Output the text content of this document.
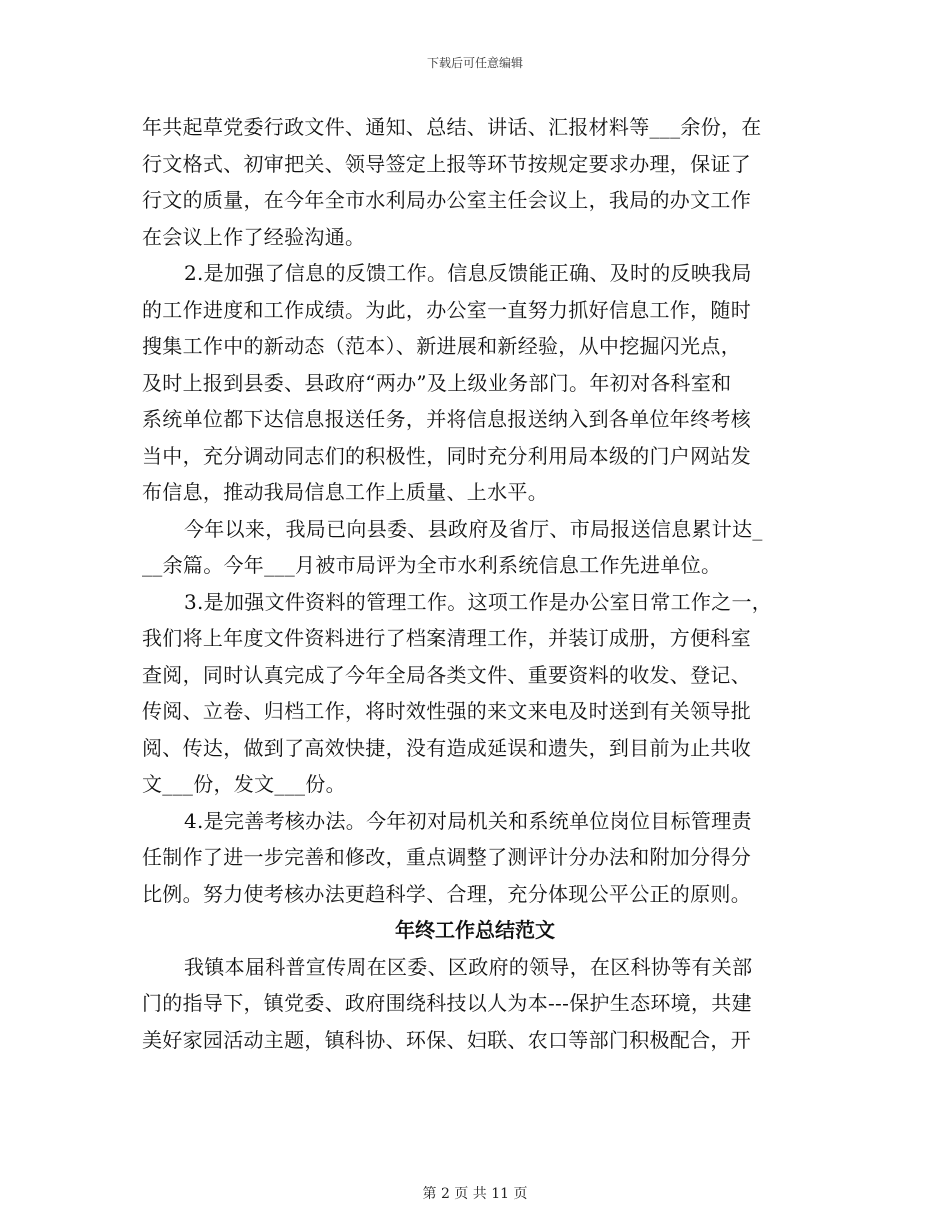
下载后可任意编辑
年共起草党委行政文件、通知、总结、讲话、汇报材料等___余份，在
行文格式、初审把关、领导签定上报等环节按规定要求办理，保证了
行文的质量，在今年全市水利局办公室主任会议上，我局的办文工作
在会议上作了经验沟通。
2.是加强了信息的反馈工作。信息反馈能正确、及时的反映我局
的工作进度和工作成绩。为此，办公室一直努力抓好信息工作，随时
搜集工作中的新动态（范本）、新进展和新经验，从中挖掘闪光点，
及时上报到县委、县政府“两办”及上级业务部门。年初对各科室和
系统单位都下达信息报送任务，并将信息报送纳入到各单位年终考核
当中，充分调动同志们的积极性，同时充分利用局本级的门户网站发
布信息，推动我局信息工作上质量、上水平。
今年以来，我局已向县委、县政府及省厅、市局报送信息累计达_
__余篇。今年___月被市局评为全市水利系统信息工作先进单位。
3.是加强文件资料的管理工作。这项工作是办公室日常工作之一，
我们将上年度文件资料进行了档案清理工作，并装订成册，方便科室
查阅，同时认真完成了今年全局各类文件、重要资料的收发、登记、
传阅、立卷、归档工作，将时效性强的来文来电及时送到有关领导批
阅、传达，做到了高效快捷，没有造成延误和遗失，到目前为止共收
文___份，发文___份。
4.是完善考核办法。今年初对局机关和系统单位岗位目标管理责
任制作了进一步完善和修改，重点调整了测评计分办法和附加分得分
比例。努力使考核办法更趋科学、合理，充分体现公平公正的原则。
年终工作总结范文
我镇本届科普宣传周在区委、区政府的领导，在区科协等有关部
门的指导下，镇党委、政府围绕科技以人为本---保护生态环境，共建
美好家园活动主题，镇科协、环保、妇联、农口等部门积极配合，开
第 2 页 共 11 页
